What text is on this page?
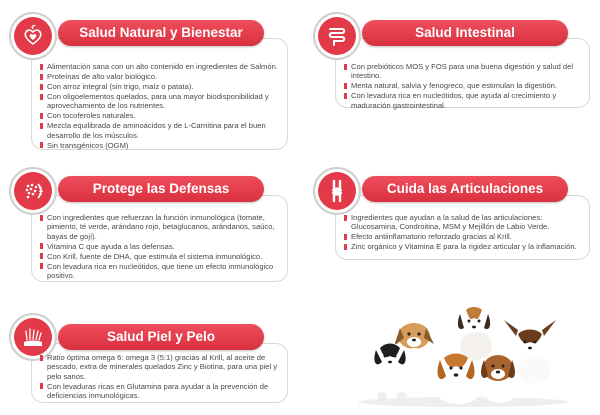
Salud Natural y Bienestar
Alimentación sana con un alto contenido en ingredientes de Salmón.
Proteínas de alto valor biológico.
Con arroz integral (sin trigo, maíz o patata).
Con oligoelementos quelados, para una mayor biodisponibilidad y aprovechamiento de los nutrientes.
Con tocoferoles naturales.
Mezcla equilibrada de aminoácidos y de L-Carnitina para el buen desarrollo de los músculos.
Sin transgénicos (OGM)
Salud Intestinal
Con prebióticos MOS y FOS para una buena digestión y salud del intestino.
Menta natural, salvia y fenogreco, que estimulan la digestión.
Con levadura rica en nucleótidos, que ayuda al crecimiento y maduración gastrointestinal.
Protege las Defensas
Con ingredientes que refuerzan la función inmunológica (tomate, pimiento, té verde, arándano rojo, betaglucanos, arándanos, saúco, bayas de gojí).
Vitamina C que ayuda a las defensas.
Con Krill, fuente de DHA, que estimula el sistema inmunológico.
Con levadura rica en nucleótidos, que tiene un efecto inmunológico positivo.
Cuida las Articulaciones
Ingredientes que ayudan a la salud de las articulaciones: Glucosamina, Condroitina, MSM y Mejillón de Labio Verde.
Efecto antiinflamatorio reforzado gracias al Krill.
Zinc orgánico y Vitamina E para la rigidez articular y la inflamación.
Salud Piel y Pelo
Ratio óptima omega 6: omega 3 (5:1) gracias al Krill, al aceite de pescado, extra de minerales quelados Zinc y Biotina, para una piel y pelo sanos.
Con levaduras ricas en Glutamina para ayudar a la prevención de deficiencias inmunológicas.
